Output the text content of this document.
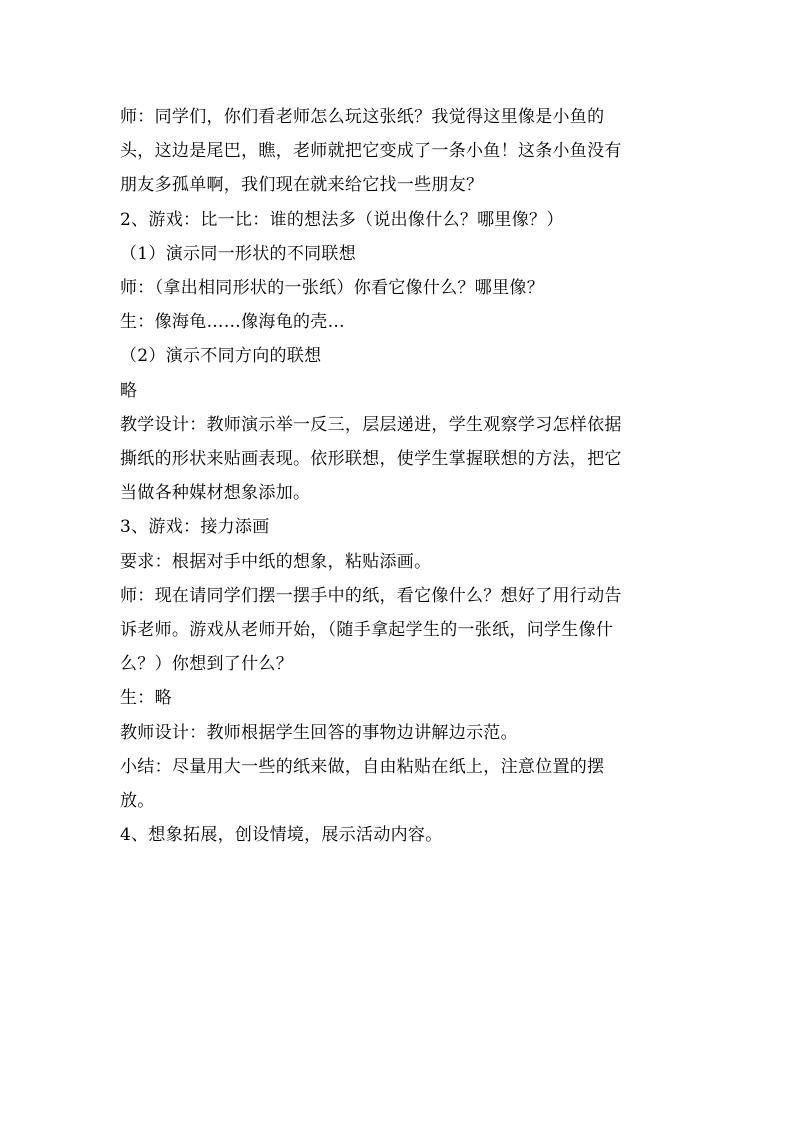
师：同学们，你们看老师怎么玩这张纸？我觉得这里像是小鱼的
头，这边是尾巴，瞧，老师就把它变成了一条小鱼！这条小鱼没有
朋友多孤单啊，我们现在就来给它找一些朋友？
2、游戏：比一比：谁的想法多（说出像什么？哪里像？）
（1）演示同一形状的不同联想
师：（拿出相同形状的一张纸）你看它像什么？哪里像？
生：像海龟……像海龟的壳…
（2）演示不同方向的联想
略
教学设计：教师演示举一反三，层层递进，学生观察学习怎样依据
撕纸的形状来贴画表现。依形联想，使学生掌握联想的方法，把它
当做各种媒材想象添加。
3、游戏：接力添画
要求：根据对手中纸的想象，粘贴添画。
师：现在请同学们摆一摆手中的纸，看它像什么？想好了用行动告
诉老师。游戏从老师开始，（随手拿起学生的一张纸，问学生像什
么？）你想到了什么？
生：略
教师设计：教师根据学生回答的事物边讲解边示范。
小结：尽量用大一些的纸来做，自由粘贴在纸上，注意位置的摆
放。
4、想象拓展，创设情境，展示活动内容。
